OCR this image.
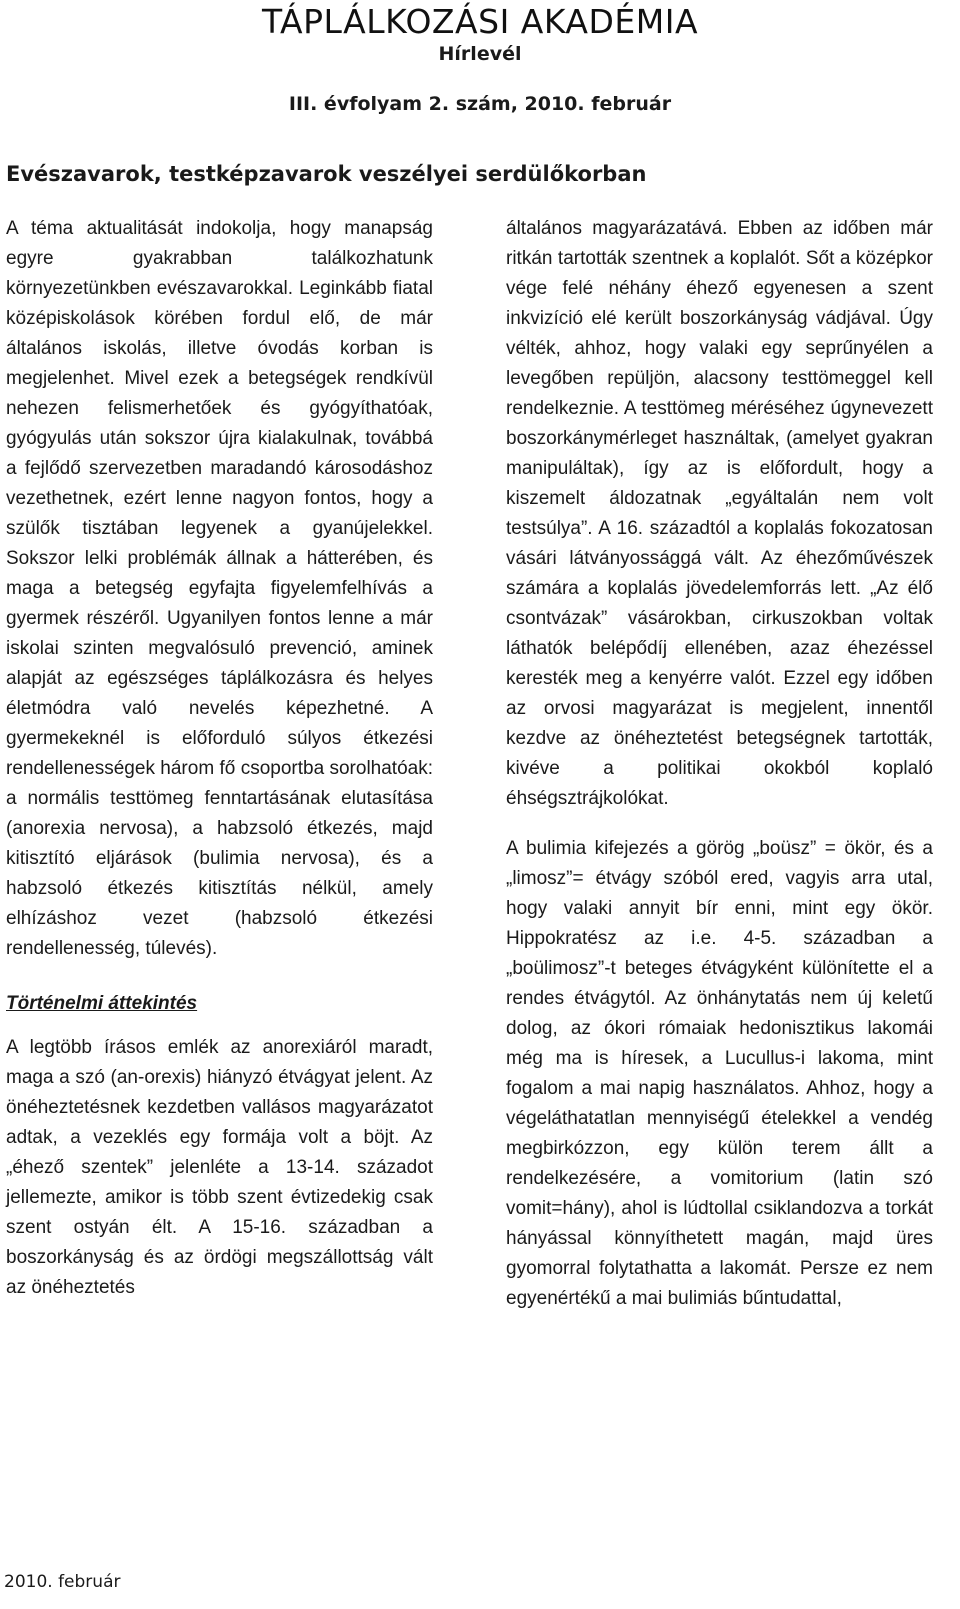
TÁPLÁLKOZÁSI AKADÉMIA
Hírlevél
III. évfolyam 2. szám, 2010. február
Evészavarok, testképzavarok veszélyei serdülőkorban

A téma aktualitását indokolja, hogy manapság egyre gyakrabban találkozhatunk környezetünkben evészavarokkal. Leginkább fiatal középiskolások körében fordul elő, de már általános iskolás, illetve óvodás korban is megjelenhet. Mivel ezek a betegségek rendkívül nehezen felismerhetőek és gyógyíthatóak, gyógyulás után sokszor újra kialakulnak, továbbá a fejlődő szervezetben maradandó károsodáshoz vezethetnek, ezért lenne nagyon fontos, hogy a szülők tisztában legyenek a gyanújelekkel. Sokszor lelki problémák állnak a hátterében, és maga a betegség egyfajta figyelemfelhívás a gyermek részéről. Ugyanilyen fontos lenne a már iskolai szinten megvalósuló prevenció, aminek alapját az egészséges táplálkozásra és helyes életmódra való nevelés képezhetné. A gyermekeknél is előforduló súlyos étkezési rendellenességek három fő csoportba sorolhatóak: a normális testtömeg fenntartásának elutasítása (anorexia nervosa), a habzsoló étkezés, majd kitisztító eljárások (bulimia nervosa), és a habzsoló étkezés kitisztítás nélkül, amely elhízáshoz vezet (habzsoló étkezési rendellenesség, túlevés).

Történelmi áttekintés

A legtöbb írásos emlék az anorexiáról maradt, maga a szó (an-orexis) hiányzó étvágyat jelent. Az önéheztetésnek kezdetben vallásos magyarázatot adtak, a vezeklés egy formája volt a böjt. Az „éhező szentek” jelenléte a 13-14. századot jellemezte, amikor is több szent évtizedekig csak szent ostyán élt. A 15-16. században a boszorkányság és az ördögi megszállottság vált az önéheztetés

általános magyarázatává. Ebben az időben már ritkán tartották szentnek a koplalót. Sőt a középkor vége felé néhány éhező egyenesen a szent inkvizíció elé került boszorkányság vádjával. Úgy vélték, ahhoz, hogy valaki egy seprűnyélen a levegőben repüljön, alacsony testtömeggel kell rendelkeznie. A testtömeg méréséhez úgynevezett boszorkánymérleget használtak, (amelyet gyakran manipuláltak), így az is előfordult, hogy a kiszemelt áldozatnak „egyáltalán nem volt testsúlya”. A 16. századtól a koplalás fokozatosan vásári látványossággá vált. Az éhezőművészek számára a koplalás jövedelemforrás lett. „Az élő csontvázak” vásárokban, cirkuszokban voltak láthatók belépődíj ellenében, azaz éhezéssel keresték meg a kenyérre valót. Ezzel egy időben az orvosi magyarázat is megjelent, innentől kezdve az önéheztetést betegségnek tartották, kivéve a politikai okokból koplaló éhségsztrájkolókat.

A bulimia kifejezés a görög „boüsz” = ökör, és a „limosz”= étvágy szóból ered, vagyis arra utal, hogy valaki annyit bír enni, mint egy ökör. Hippokratész az i.e. 4-5. században a „boülimosz”-t beteges étvágyként különítette el a rendes étvágytól. Az önhánytatás nem új keletű dolog, az ókori rómaiak hedonisztikus lakomái még ma is híresek, a Lucullus-i lakoma, mint fogalom a mai napig használatos. Ahhoz, hogy a végeláthatatlan mennyiségű ételekkel a vendég megbirkózzon, egy külön terem állt a rendelkezésére, a vomitorium (latin szó vomit=hány), ahol is lúdtollal csiklandozva a torkát hányással könnyíthetett magán, majd üres gyomorral folytathatta a lakomát. Persze ez nem egyenértékű a mai bulimiás bűntudattal,

2010. február
